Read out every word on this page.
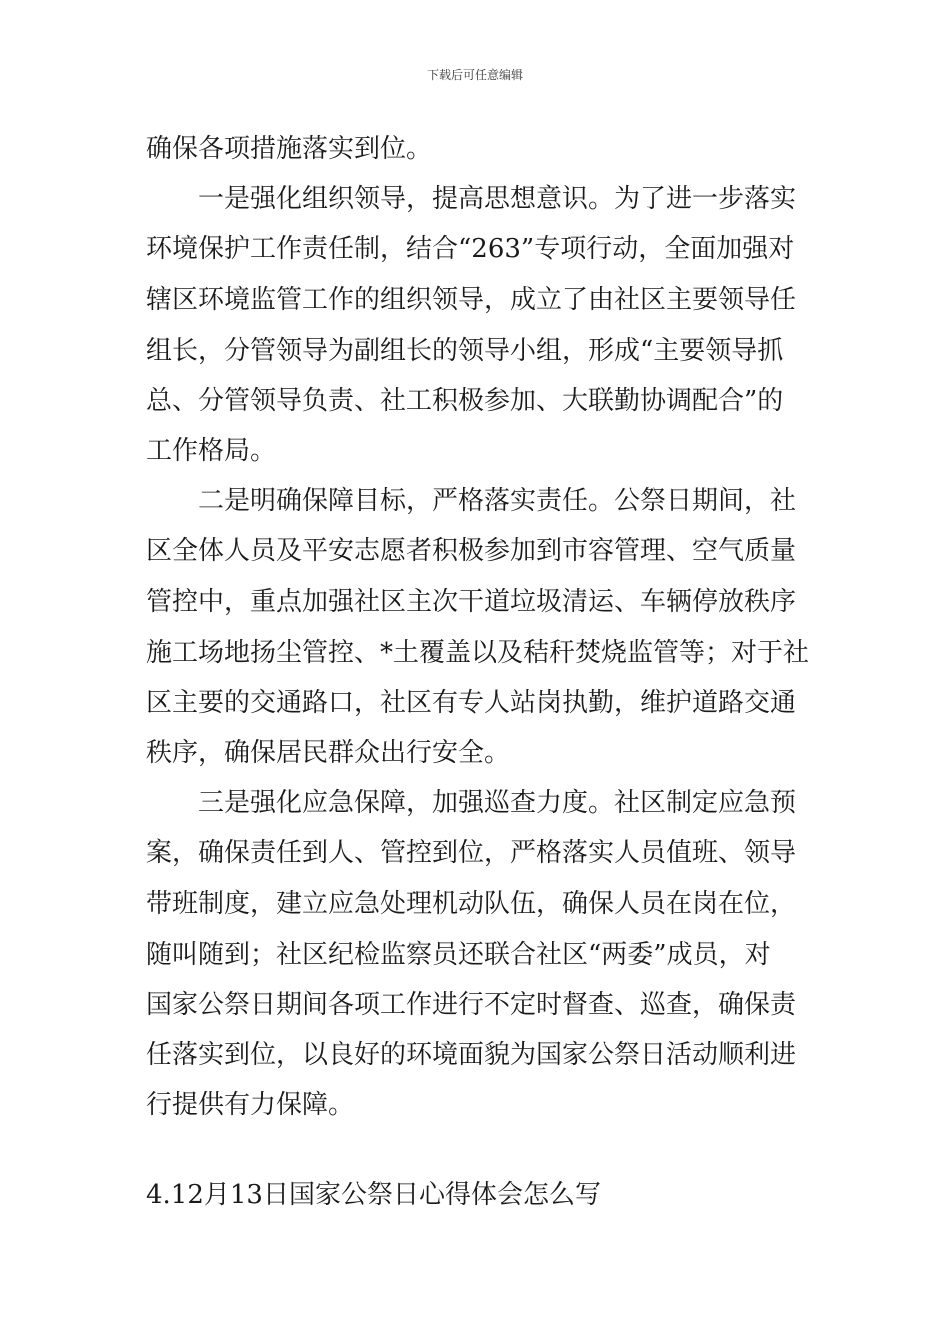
下载后可任意编辑
确保各项措施落实到位。
一是强化组织领导，提高思想意识。为了进一步落实
环境保护工作责任制，结合“263”专项行动，全面加强对
辖区环境监管工作的组织领导，成立了由社区主要领导任
组长，分管领导为副组长的领导小组，形成“主要领导抓
总、分管领导负责、社工积极参加、大联勤协调配合”的
工作格局。
二是明确保障目标，严格落实责任。公祭日期间，社
区全体人员及平安志愿者积极参加到市容管理、空气质量
管控中，重点加强社区主次干道垃圾清运、车辆停放秩序
施工场地扬尘管控、*土覆盖以及秸秆焚烧监管等；对于社
区主要的交通路口，社区有专人站岗执勤，维护道路交通
秩序，确保居民群众出行安全。
三是强化应急保障，加强巡查力度。社区制定应急预
案，确保责任到人、管控到位，严格落实人员值班、领导
带班制度，建立应急处理机动队伍，确保人员在岗在位，
随叫随到；社区纪检监察员还联合社区“两委”成员，对
国家公祭日期间各项工作进行不定时督查、巡查，确保责
任落实到位，以良好的环境面貌为国家公祭日活动顺利进
行提供有力保障。
4.12月13日国家公祭日心得体会怎么写
